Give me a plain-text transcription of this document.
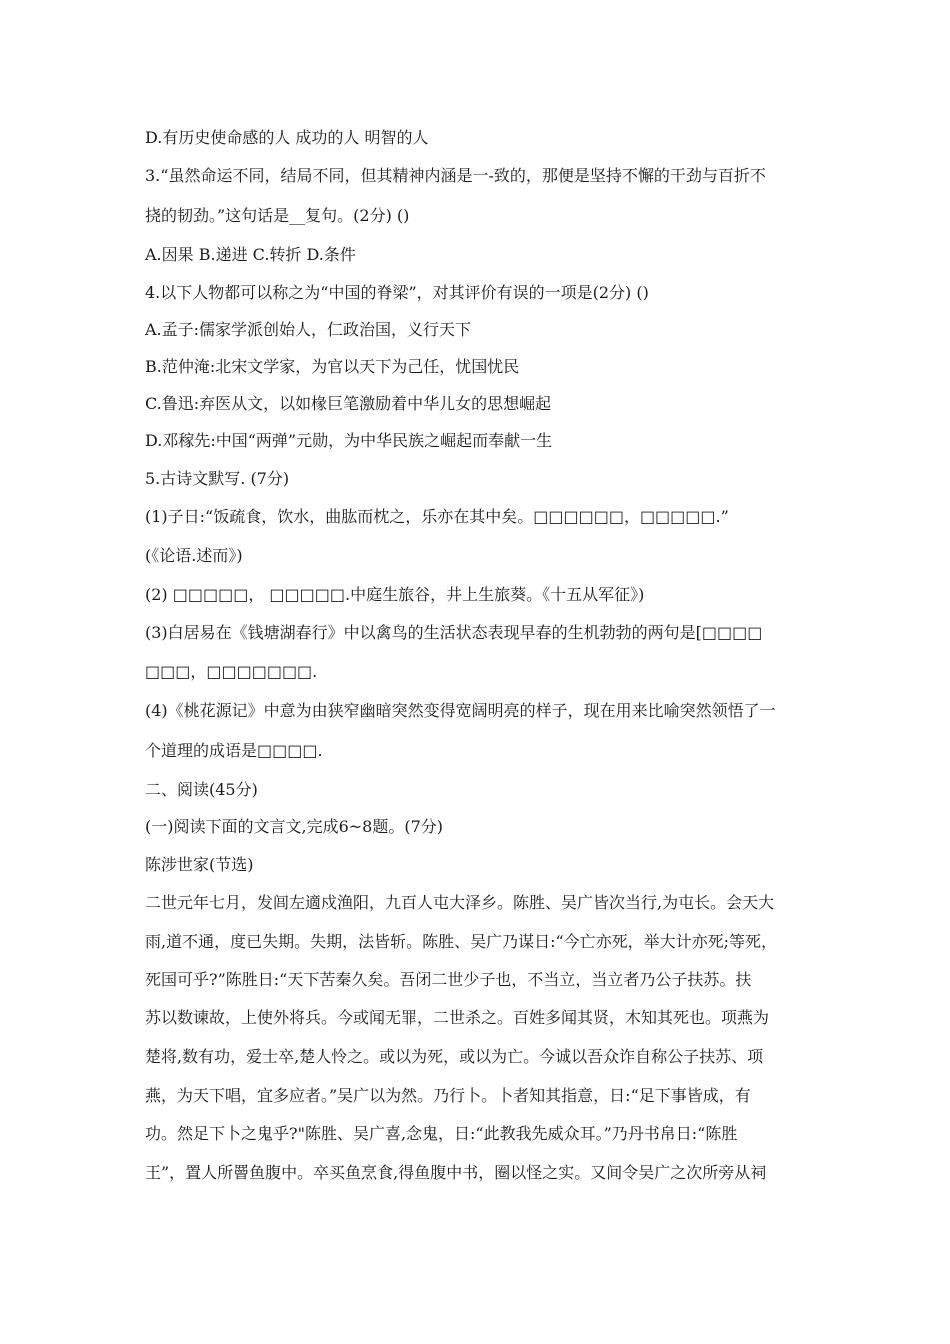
D.有历史使命感的人 成功的人 明智的人
3.“虽然命运不同，结局不同，但其精神内涵是一-致的，那便是坚持不懈的干劲与百折不
挠的韧劲。”这句话是__复句。(2分) ()
A.因果 B.递进 C.转折 D.条件
4.以下人物都可以称之为“中国的脊梁”，对其评价有误的一项是(2分) ()
A.孟子:儒家学派创始人，仁政治国，义行天下
B.范仲淹:北宋文学家，为官以天下为己任，忧国忧民
C.鲁迅:弃医从文，以如椽巨笔激励着中华儿女的思想崛起
D.邓稼先:中国“两弹”元勋，为中华民族之崛起而奉献一生
5.古诗文默写. (7分)
(1)子日:“饭疏食，饮水，曲肱而枕之，乐亦在其中矣。□□□□□□，□□□□□.”
(《论语.述而》)
(2) □□□□□， □□□□□.中庭生旅谷，井上生旅葵。《十五从军征》)
(3)白居易在《钱塘湖春行》中以禽鸟的生活状态表现早春的生机勃勃的两句是[□□□□
□□□，□□□□□□□.
(4)《桃花源记》中意为由狭窄幽暗突然变得宽阔明亮的样子，现在用来比喻突然领悟了一
个道理的成语是□□□□.
二、阅读(45分)
(一)阅读下面的文言文,完成6~8题。(7分)
陈涉世家(节选)
二世元年七月，发闾左適戍渔阳，九百人屯大泽乡。陈胜、吴广皆次当行,为屯长。会天大
雨,道不通，度已失期。失期，法皆斩。陈胜、吴广乃谋日:“今亡亦死，举大计亦死;等死，
死国可乎?”陈胜日:“天下苦秦久矣。吾闭二世少子也，不当立，当立者乃公子扶苏。扶
苏以数谏故，上使外将兵。今或闻无罪，二世杀之。百姓多闻其贤，木知其死也。项燕为
楚将,数有功，爱士卒,楚人怜之。或以为死，或以为亡。今诚以吾众诈自称公子扶苏、项
燕，为天下唱，宜多应者。”吴广以为然。乃行卜。卜者知其指意，日:“足下事皆成，有
功。然足下卜之鬼乎?"陈胜、吴广喜,念鬼，日:“此教我先威众耳。”乃丹书帛日:“陈胜
王”，置人所罾鱼腹中。卒买鱼烹食,得鱼腹中书，圈以怪之实。又间令吴广之次所旁从祠
